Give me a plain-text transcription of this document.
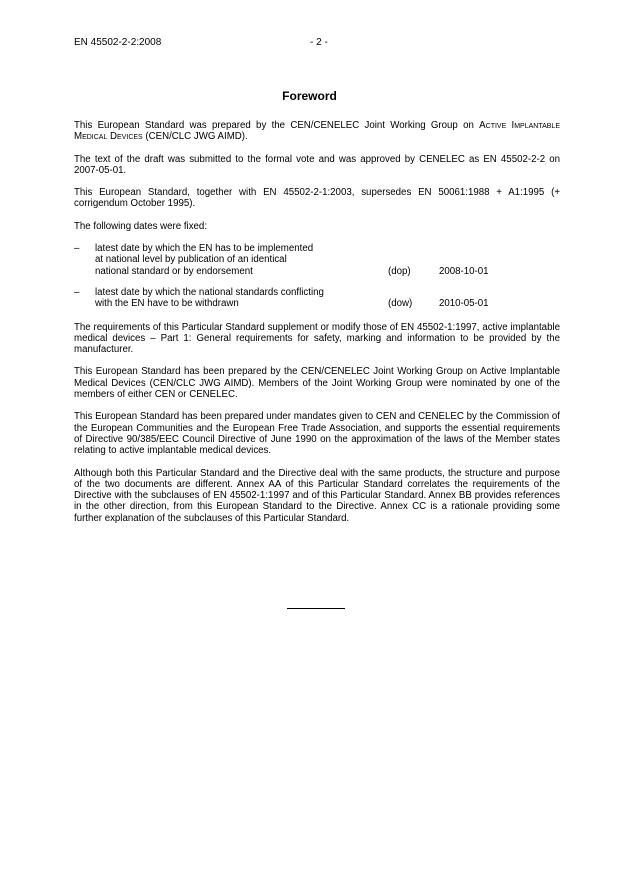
EN 45502-2-2:2008	- 2 -
Foreword

This European Standard was prepared by the CEN/CENELEC Joint Working Group on Active Implantable Medical Devices (CEN/CLC JWG AIMD).

The text of the draft was submitted to the formal vote and was approved by CENELEC as EN 45502-2-2 on 2007-05-01.

This European Standard, together with EN 45502-2-1:2003, supersedes EN 50061:1988 + A1:1995 (+ corrigendum October 1995).

The following dates were fixed:

–	latest date by which the EN has to be implemented
at national level by publication of an identical
national standard or by endorsement	(dop)	2008-10-01
–	latest date by which the national standards conflicting
with the EN have to be withdrawn	(dow)	2010-05-01

The requirements of this Particular Standard supplement or modify those of EN 45502-1:1997, active implantable medical devices – Part 1: General requirements for safety, marking and information to be provided by the manufacturer.

This European Standard has been prepared by the CEN/CENELEC Joint Working Group on Active Implantable Medical Devices (CEN/CLC JWG AIMD). Members of the Joint Working Group were nominated by one of the members of either CEN or CENELEC.

This European Standard has been prepared under mandates given to CEN and CENELEC by the Commission of the European Communities and the European Free Trade Association, and supports the essential requirements of Directive 90/385/EEC Council Directive of June 1990 on the approximation of the laws of the Member states relating to active implantable medical devices.

Although both this Particular Standard and the Directive deal with the same products, the structure and purpose of the two documents are different. Annex AA of this Particular Standard correlates the requirements of the Directive with the subclauses of EN 45502-1:1997 and of this Particular Standard. Annex BB provides references in the other direction, from this European Standard to the Directive. Annex CC is a rationale providing some further explanation of the subclauses of this Particular Standard.
